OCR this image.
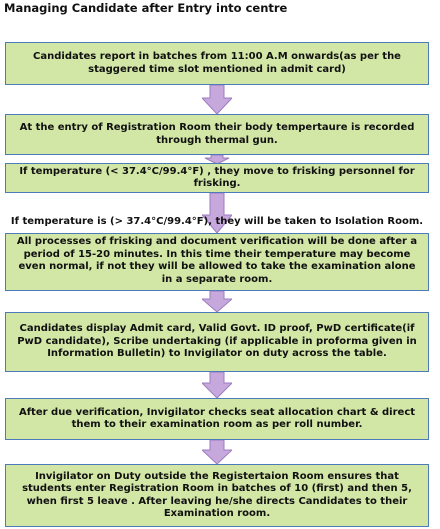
Managing Candidate after Entry into centre
Candidates report in batches from 11:00 A.M onwards(as per the staggered time slot mentioned in admit card)
At the entry of Registration Room their body tempertaure is recorded through thermal gun.
If temperature (< 37.4°C/99.4°F) , they move to frisking personnel for frisking.
All processes of frisking and document verification will be done after a period of 15-20 minutes. In this time their temperature may become even normal, if not they will be allowed to take the examination alone in a separate room.
If temperature is (> 37.4°C/99.4°F), they will be taken to Isolation Room.
Candidates display Admit card, Valid Govt. ID proof, PwD certificate(if PwD candidate), Scribe undertaking (if applicable in proforma given in Information Bulletin) to Invigilator on duty across the table.
After due verification, Invigilator checks seat allocation chart & direct them to their examination room as per roll number.
Invigilator on Duty outside the Registertaion Room ensures that students enter Registration Room in batches of 10 (first) and then 5, when first 5 leave . After leaving he/she directs Candidates to their Examination room.
